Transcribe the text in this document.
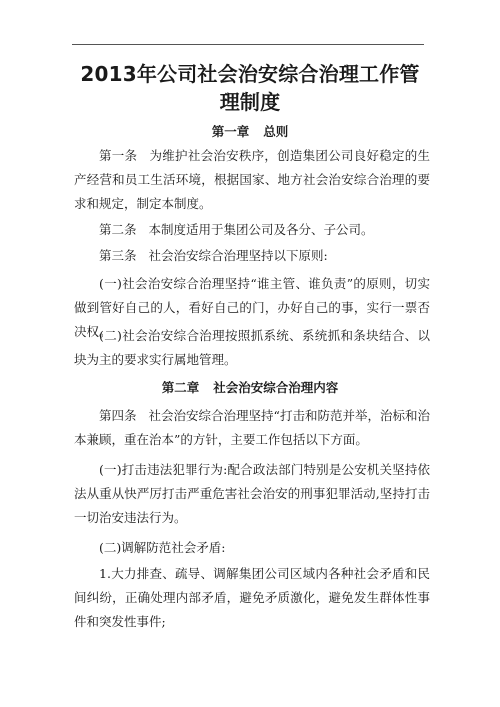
2013年公司社会治安综合治理工作管理制度
第一章 总则
第一条 为维护社会治安秩序，创造集团公司良好稳定的生产经营和员工生活环境，根据国家、地方社会治安综合治理的要求和规定，制定本制度。
第二条 本制度适用于集团公司及各分、子公司。
第三条 社会治安综合治理坚持以下原则:
(一)社会治安综合治理坚持“谁主管、谁负责”的原则，切实做到管好自己的人，看好自己的门，办好自己的事，实行一票否决权。
(二)社会治安综合治理按照抓系统、系统抓和条块结合、以块为主的要求实行属地管理。
第二章 社会治安综合治理内容
第四条 社会治安综合治理坚持“打击和防范并举，治标和治本兼顾，重在治本”的方针，主要工作包括以下方面。
(一)打击违法犯罪行为:配合政法部门特别是公安机关坚持依法从重从快严厉打击严重危害社会治安的刑事犯罪活动,坚持打击一切治安违法行为。
(二)调解防范社会矛盾:
1.大力排查、疏导、调解集团公司区域内各种社会矛盾和民间纠纷，正确处理内部矛盾，避免矛质激化，避免发生群体性事件和突发性事件;
